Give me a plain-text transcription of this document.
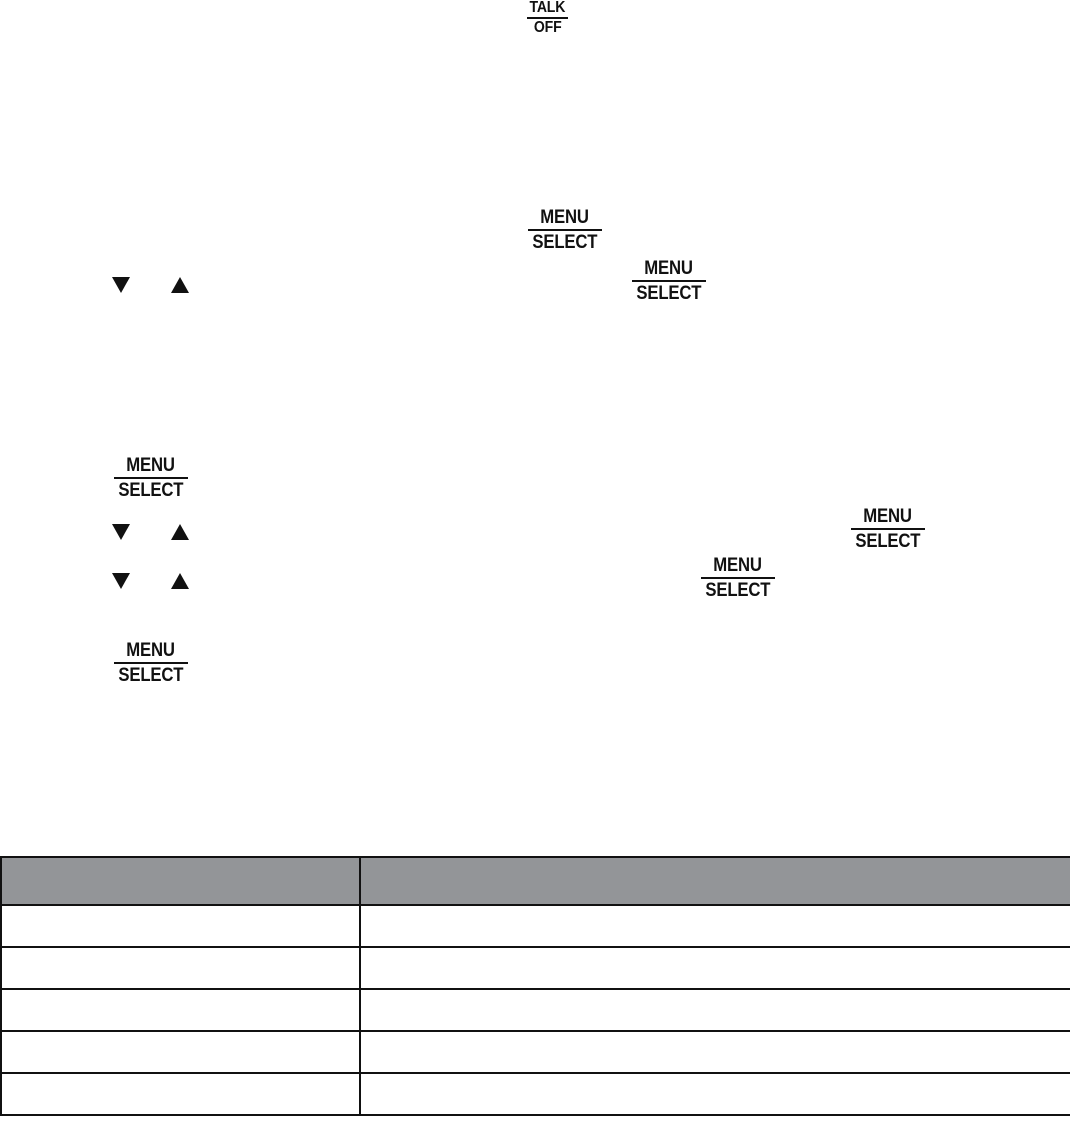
TALK
OFF
MENU
SELECT
MENU
SELECT
MENU
SELECT
MENU
SELECT
MENU
SELECT
MENU
SELECT
